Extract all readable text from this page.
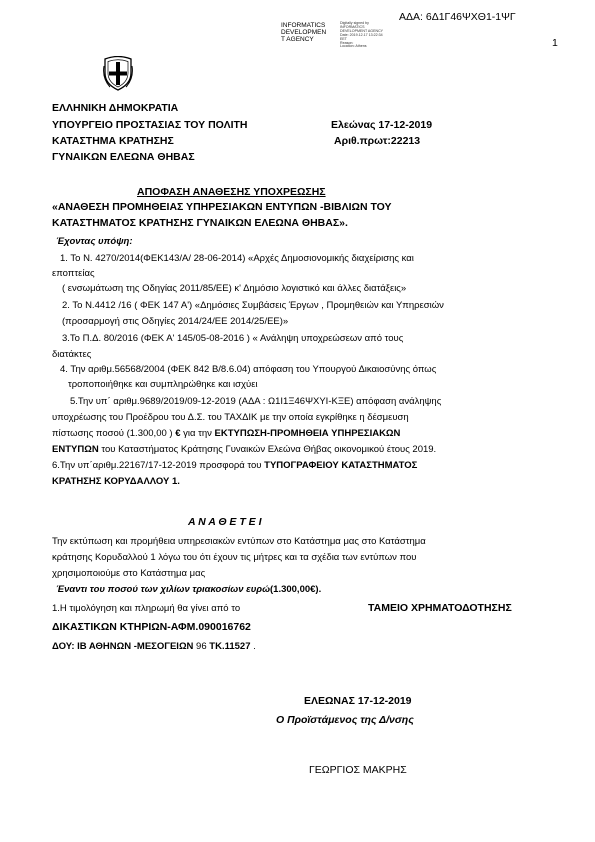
ΑΔΑ: 6Δ1Γ46ΨΧΘ1-1ΨΓ
1
INFORMATICS
DEVELOPMEN
T AGENCY
Digitally signed by
INFORMATICS
DEVELOPMENT AGENCY
Date: 2019.12.17 13:22:34
EET
Reason:
Location: Athens
ΕΛΛΗΝΙΚΗ ΔΗΜΟΚΡΑΤΙΑ
ΥΠΟΥΡΓΕΙΟ ΠΡΟΣΤΑΣΙΑΣ ΤΟΥ ΠΟΛΙΤΗ
ΚΑΤΑΣΤΗΜΑ ΚΡΑΤΗΣΗΣ
ΓΥΝΑΙΚΩΝ ΕΛΕΩΝΑ ΘΗΒΑΣ
Ελεώνας 17-12-2019
Αριθ.πρωτ:22213
ΑΠΟΦΑΣΗ ΑΝΑΘΕΣΗΣ ΥΠΟΧΡΕΩΣΗΣ
«ΑΝΑΘΕΣΗ ΠΡΟΜΗΘΕΙΑΣ ΥΠΗΡΕΣΙΑΚΩΝ ΕΝΤΥΠΩΝ -ΒΙΒΛΙΩΝ ΤΟΥ
ΚΑΤΑΣΤΗΜΑΤΟΣ ΚΡΑΤΗΣΗΣ ΓΥΝΑΙΚΩΝ ΕΛΕΩΝΑ ΘΗΒΑΣ».
Έχοντας υπόψη:
1. Το Ν. 4270/2014(ΦΕΚ143/Α/ 28-06-2014) «Αρχές Δημοσιονομικής διαχείρισης και
εποπτείας
( ενσωμάτωση της Οδηγίας 2011/85/ΕΕ) κ' Δημόσιο λογιστικό και άλλες διατάξεις»
2. Το Ν.4412 /16 ( ΦΕΚ 147 Α') «Δημόσιες Συμβάσεις Έργων , Προμηθειών και Υπηρεσιών
(προσαρμογή στις Οδηγίες 2014/24/ΕΕ 2014/25/ΕΕ)»
3.Το Π.Δ. 80/2016 (ΦΕΚ Α' 145/05-08-2016 ) « Ανάληψη υποχρεώσεων από τους
διατάκτες
4. Την αριθμ.56568/2004 (ΦΕΚ 842 Β/8.6.04) απόφαση του Υπουργού Δικαιοσύνης όπως
τροποποιήθηκε και συμπληρώθηκε και ισχύει
5.Την υπ΄ αριθμ.9689/2019/09-12-2019 (ΑΔΑ : Ω1Ι1Ξ46ΨΧΥΙ-ΚΞΕ) απόφαση ανάληψης
υποχρέωσης του Προέδρου του Δ.Σ. του ΤΑΧΔΙΚ με την οποία εγκρίθηκε η δέσμευση
πίστωσης ποσού (1.300,00 ) € για την ΕΚΤΥΠΩΣΗ-ΠΡΟΜΗΘΕΙΑ ΥΠΗΡΕΣΙΑΚΩΝ
ΕΝΤΥΠΩΝ του Καταστήματος Κράτησης Γυναικών Ελεώνα Θήβας οικονομικού έτους 2019.
6.Την υπ΄αριθμ.22167/17-12-2019 προσφορά του ΤΥΠΟΓΡΑΦΕΙΟΥ ΚΑΤΑΣΤΗΜΑΤΟΣ
ΚΡΑΤΗΣΗΣ ΚΟΡΥΔΑΛΛΟΥ 1.
Α Ν Α Θ Ε Τ Ε Ι
Την εκτύπωση και προμήθεια υπηρεσιακών εντύπων στο Κατάστημα μας στο Κατάστημα
κράτησης Κορυδαλλού 1 λόγω του ότι έχουν τις μήτρες και τα σχέδια των εντύπων που
χρησιμοποιούμε στο Κατάστημα μας
Έναντι του ποσού των χιλίων τριακοσίων ευρώ(1.300,00€).
1.Η τιμολόγηση και πληρωμή θα γίνει από το	ΤΑΜΕΙΟ ΧΡΗΜΑΤΟΔΟΤΗΣΗΣ
ΔΙΚΑΣΤΙΚΩΝ ΚΤΗΡΙΩΝ-ΑΦΜ.090016762
ΔΟΥ: ΙΒ ΑΘΗΝΩΝ -ΜΕΣΟΓΕΙΩΝ 96 ΤΚ.11527 .
ΕΛΕΩΝΑΣ 17-12-2019
Ο Προϊστάμενος της Δ/νσης
ΓΕΩΡΓΙΟΣ ΜΑΚΡΗΣ
